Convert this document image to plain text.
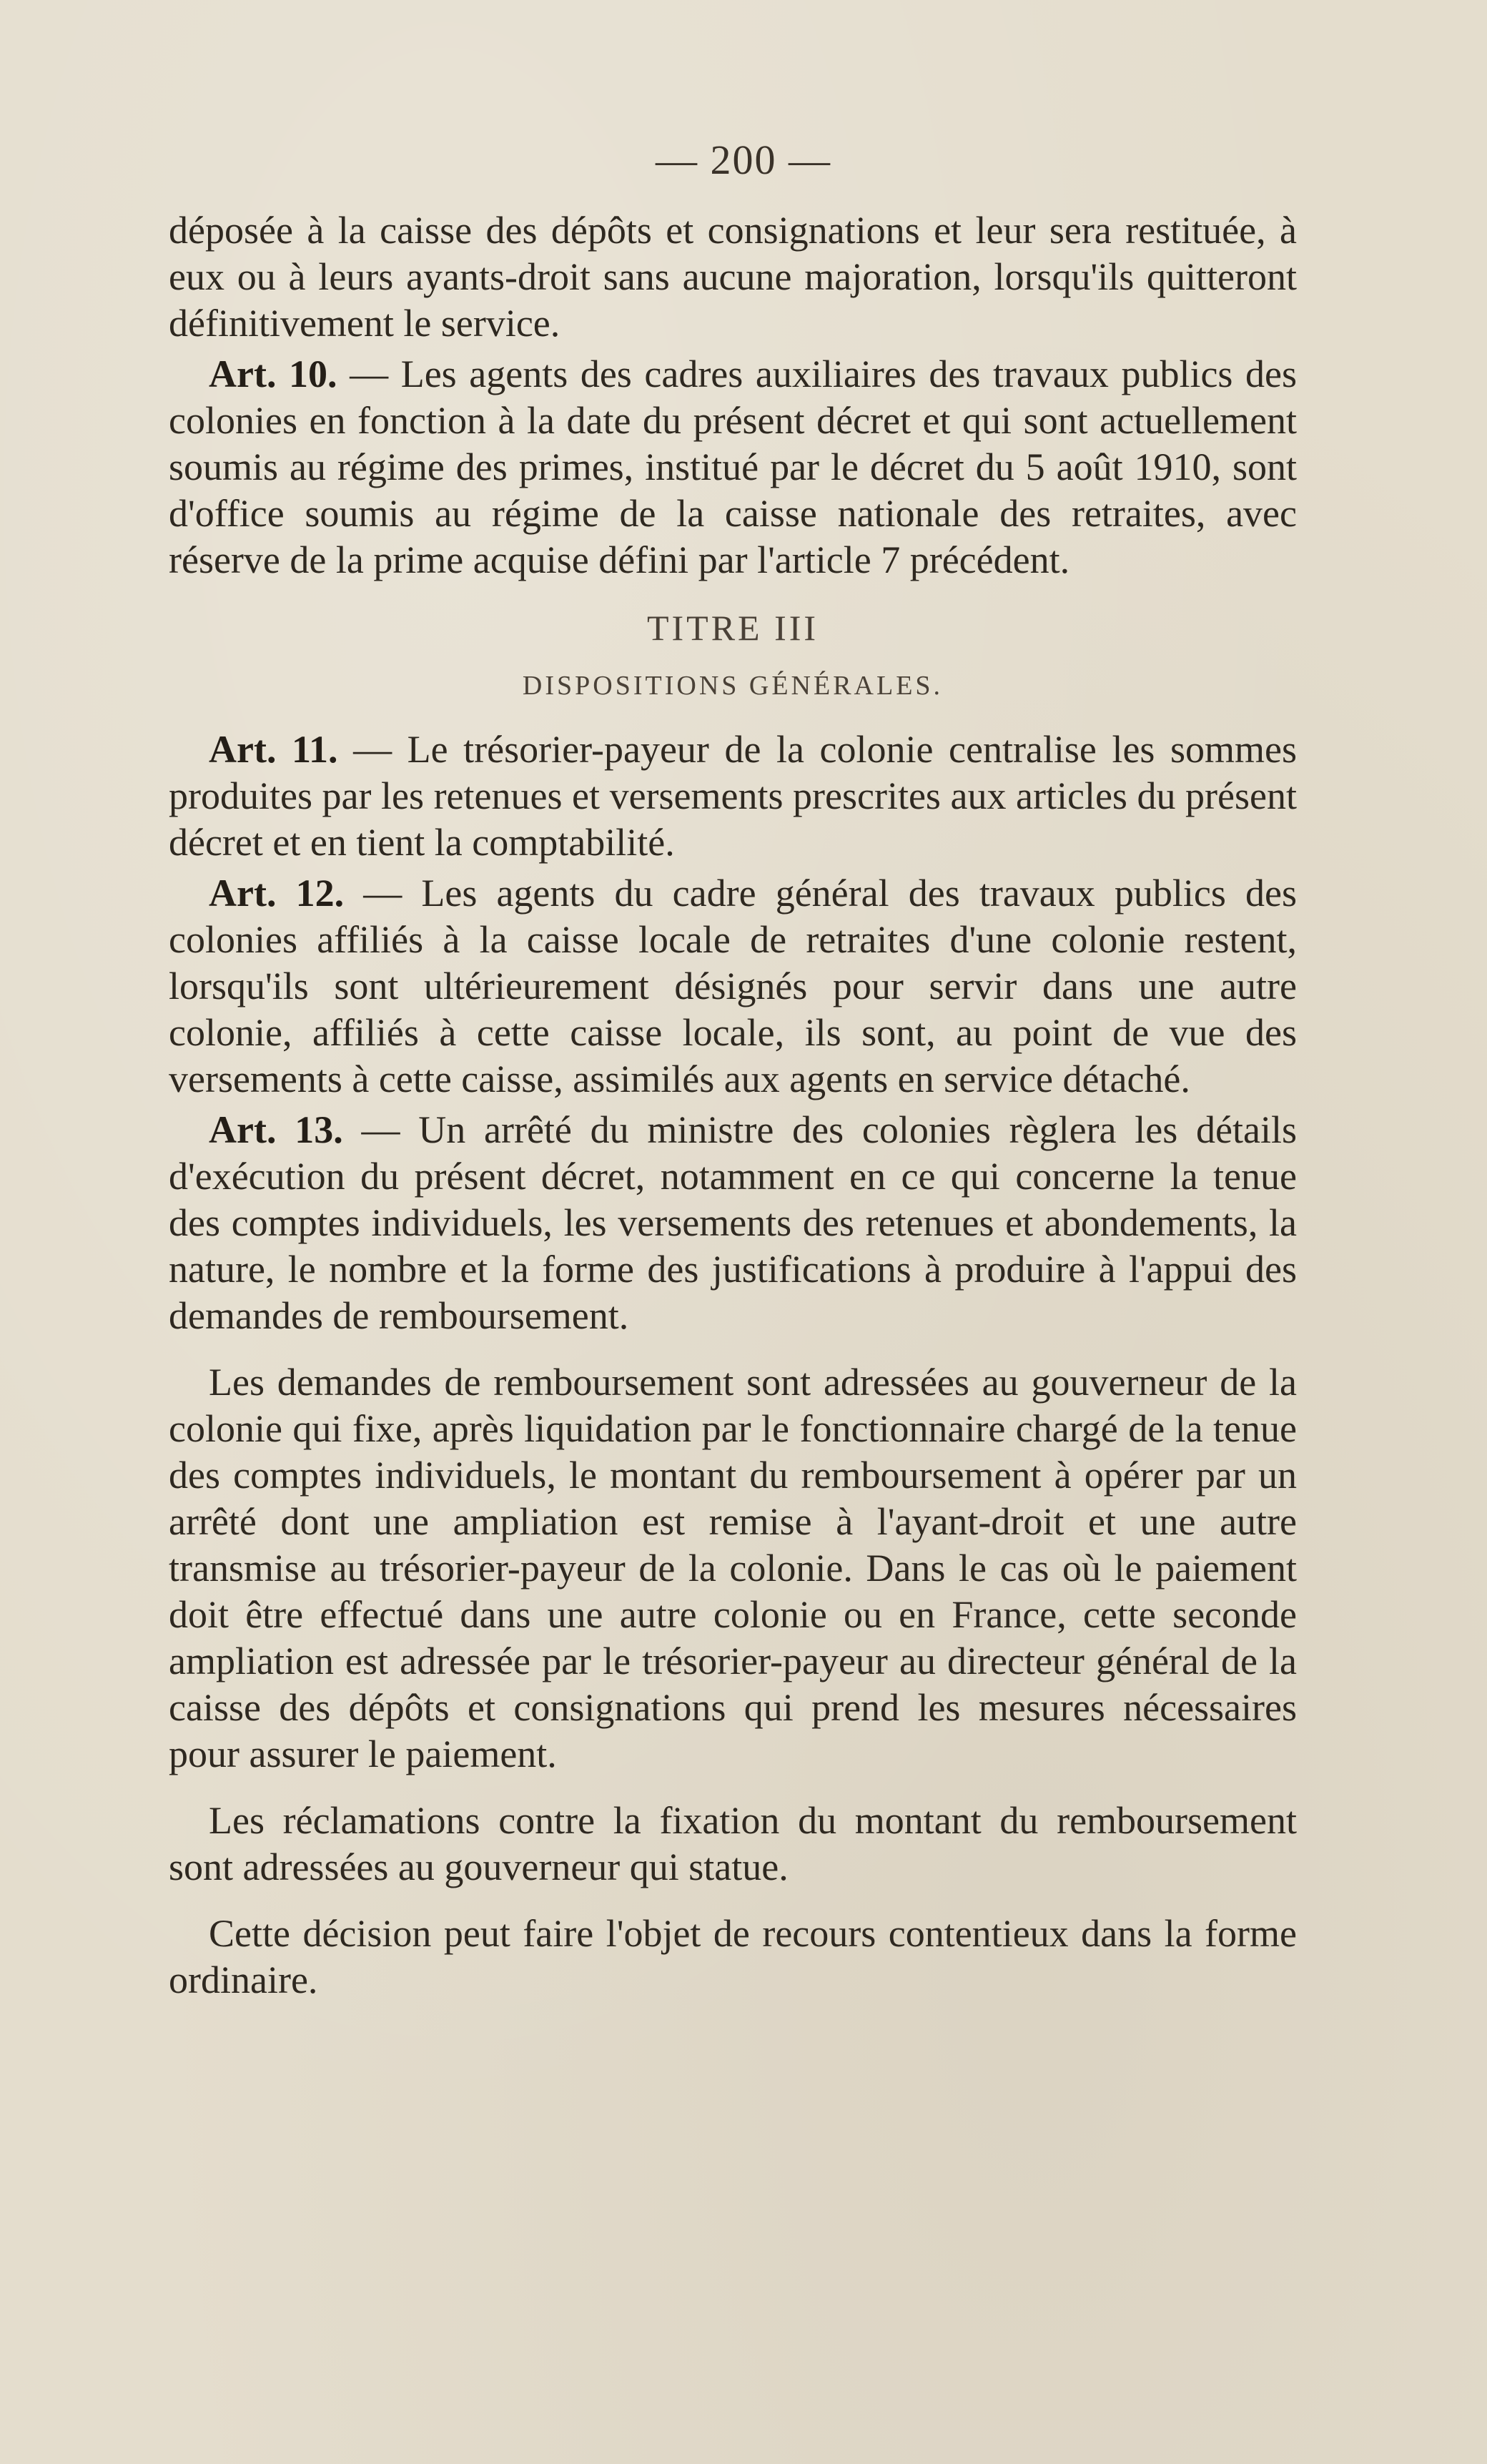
— 200 —

déposée à la caisse des dépôts et consignations et leur sera restituée, à eux ou à leurs ayants-droit sans aucune majoration, lorsqu'ils quitteront définitivement le service.

Art. 10. — Les agents des cadres auxiliaires des travaux publics des colonies en fonction à la date du présent décret et qui sont actuellement soumis au régime des primes, institué par le décret du 5 août 1910, sont d'office soumis au régime de la caisse nationale des retraites, avec réserve de la prime acquise défini par l'article 7 précédent.

TITRE III
DISPOSITIONS GÉNÉRALES.

Art. 11. — Le trésorier-payeur de la colonie centralise les sommes produites par les retenues et versements prescrites aux articles du présent décret et en tient la comptabilité.

Art. 12. — Les agents du cadre général des travaux publics des colonies affiliés à la caisse locale de retraites d'une colonie restent, lorsqu'ils sont ultérieurement désignés pour servir dans une autre colonie, affiliés à cette caisse locale, ils sont, au point de vue des versements à cette caisse, assimilés aux agents en service détaché.

Art. 13. — Un arrêté du ministre des colonies règlera les détails d'exécution du présent décret, notamment en ce qui concerne la tenue des comptes individuels, les versements des retenues et abondements, la nature, le nombre et la forme des justifications à produire à l'appui des demandes de remboursement.

Les demandes de remboursement sont adressées au gouverneur de la colonie qui fixe, après liquidation par le fonctionnaire chargé de la tenue des comptes individuels, le montant du remboursement à opérer par un arrêté dont une ampliation est remise à l'ayant-droit et une autre transmise au trésorier-payeur de la colonie. Dans le cas où le paiement doit être effectué dans une autre colonie ou en France, cette seconde ampliation est adressée par le trésorier-payeur au directeur général de la caisse des dépôts et consignations qui prend les mesures nécessaires pour assurer le paiement.

Les réclamations contre la fixation du montant du remboursement sont adressées au gouverneur qui statue.

Cette décision peut faire l'objet de recours contentieux dans la forme ordinaire.
